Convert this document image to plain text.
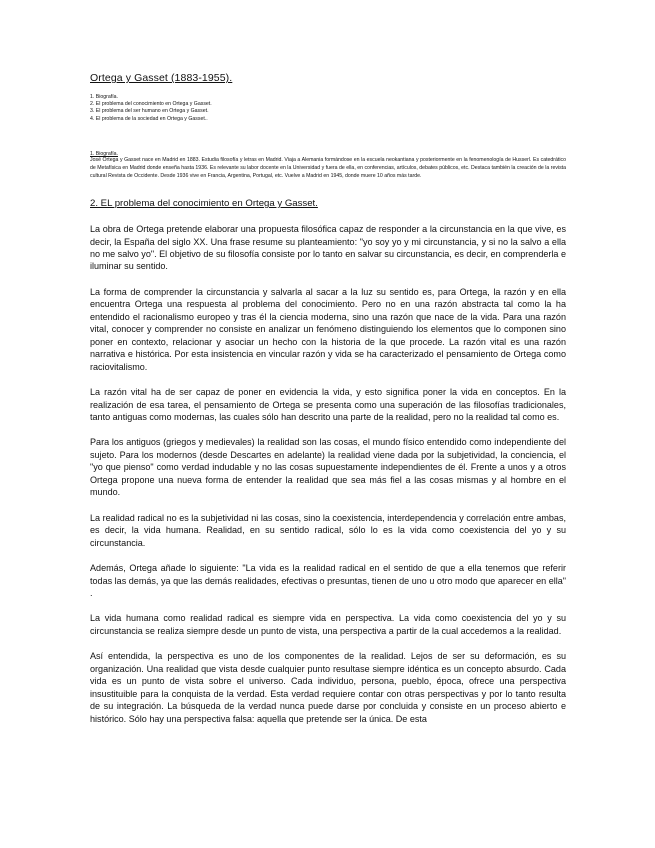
Ortega y Gasset (1883-1955).
1. Biografía.
2. El problema del conocimiento en Ortega y Gasset.
3. El problema del ser humano en Ortega y Gasset.
4. El problema de la sociedad en Ortega y Gasset..
1. Biografía.
José Ortega y Gasset nace en Madrid en 1883. Estudia filosofía y letras en Madrid. Viaja a Alemania formándose en la escuela neokantiana y posteriormente en la fenomenología de Husserl. Es catedrático de Metafísica en Madrid donde enseña hasta 1936. Es relevante su labor docente en la Universidad y fuera de ella, en conferencias, artículos, debates públicos, etc. Destaca también la creación de la revista cultural Revista de Occidente. Desde 1936 vive en Francia, Argentina, Portugal, etc. Vuelve a Madrid en 1945, donde muere 10 años más tarde.
2. EL problema del conocimiento en Ortega y Gasset.

La obra de Ortega pretende elaborar una propuesta filosófica capaz de responder a la circunstancia en la que vive, es decir, la España del siglo XX. Una frase resume su planteamiento: "yo soy yo y mi circunstancia, y si no la salvo a ella no me salvo yo". El objetivo de su filosofía consiste por lo tanto en salvar su circunstancia, es decir, en comprenderla e iluminar su sentido.

La forma de comprender la circunstancia y salvarla al sacar a la luz su sentido es, para Ortega, la razón y en ella encuentra Ortega una respuesta al problema del conocimiento. Pero no en una razón abstracta tal como la ha entendido el racionalismo europeo y tras él la ciencia moderna, sino una razón que nace de la vida. Para una razón vital, conocer y comprender no consiste en analizar un fenómeno distinguiendo los elementos que lo componen sino poner en contexto, relacionar y asociar un hecho con la historia de la que procede. La razón vital es una razón narrativa e histórica. Por esta insistencia en vincular razón y vida se ha caracterizado el pensamiento de Ortega como raciovitalismo.

La razón vital ha de ser capaz de poner en evidencia la vida, y esto significa poner la vida en conceptos. En la realización de esa tarea, el pensamiento de Ortega se presenta como una superación de las filosofías tradicionales, tanto antiguas como modernas, las cuales sólo han descrito una parte de la realidad, pero no la realidad tal como es.

Para los antiguos (griegos y medievales) la realidad son las cosas, el mundo físico entendido como independiente del sujeto. Para los modernos (desde Descartes en adelante) la realidad viene dada por la subjetividad, la conciencia, el "yo que pienso" como verdad indudable y no las cosas supuestamente independientes de él. Frente a unos y a otros Ortega propone una nueva forma de entender la realidad que sea más fiel a las cosas mismas y al hombre en el mundo.

La realidad radical no es la subjetividad ni las cosas, sino la coexistencia, interdependencia y correlación entre ambas, es decir, la vida humana. Realidad, en su sentido radical, sólo lo es la vida como coexistencia del yo y su circunstancia.

Además, Ortega añade lo siguiente: "La vida es la realidad radical en el sentido de que a ella tenemos que referir todas las demás, ya que las demás realidades, efectivas o presuntas, tienen de uno u otro modo que aparecer en ella" .

La vida humana como realidad radical es siempre vida en perspectiva. La vida como coexistencia del yo y su circunstancia se realiza siempre desde un punto de vista, una perspectiva a partir de la cual accedemos a la realidad.

Así entendida, la perspectiva es uno de los componentes de la realidad. Lejos de ser su deformación, es su organización. Una realidad que vista desde cualquier punto resultase siempre idéntica es un concepto absurdo. Cada vida es un punto de vista sobre el universo. Cada individuo, persona, pueblo, época, ofrece una perspectiva insustituible para la conquista de la verdad. Esta verdad requiere contar con otras perspectivas y por lo tanto resulta de su integración. La búsqueda de la verdad nunca puede darse por concluida y consiste en un proceso abierto e histórico. Sólo hay una perspectiva falsa: aquella que pretende ser la única. De esta
